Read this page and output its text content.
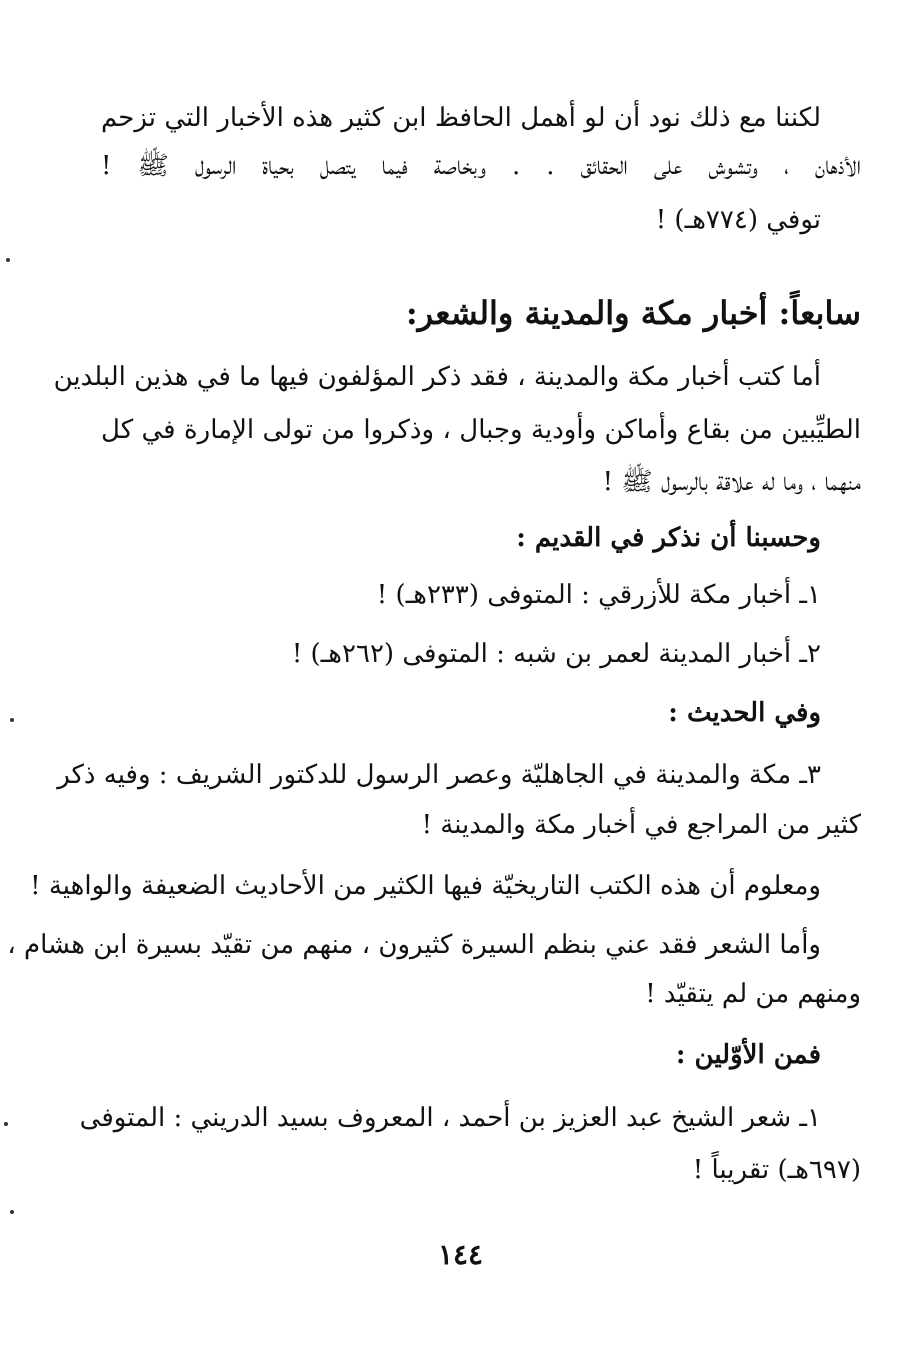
لكننا مع ذلك نود أن لو أهمل الحافظ ابن كثير هذه الأخبار التي تزحم
الأذهان ، وتشوش على الحقائق . . وبخاصة فيما يتصل بحياة الرسول ﷺ !
توفي (٧٧٤هـ) !
سابعاً: أخبار مكة والمدينة والشعر:
أما كتب أخبار مكة والمدينة ، فقد ذكر المؤلفون فيها ما في هذين البلدين
الطيِّبين من بقاع وأماكن وأودية وجبال ، وذكروا من تولى الإمارة في كل
منهما ، وما له علاقة بالرسول ﷺ !
وحسبنا أن نذكر في القديم :
١ـ أخبار مكة للأزرقي : المتوفى (٢٣٣هـ) !
٢ـ أخبار المدينة لعمر بن شبه : المتوفى (٢٦٢هـ) !
وفي الحديث :
٣ـ مكة والمدينة في الجاهليّة وعصر الرسول للدكتور الشريف : وفيه ذكر
كثير من المراجع في أخبار مكة والمدينة !
ومعلوم أن هذه الكتب التاريخيّة فيها الكثير من الأحاديث الضعيفة والواهية !
وأما الشعر فقد عني بنظم السيرة كثيرون ، منهم من تقيّد بسيرة ابن هشام ،
ومنهم من لم يتقيّد !
فمن الأوّلين :
١ـ شعر الشيخ عبد العزيز بن أحمد ، المعروف بسيد الدريني : المتوفى
(٦٩٧هـ) تقريباً !
١٤٤
